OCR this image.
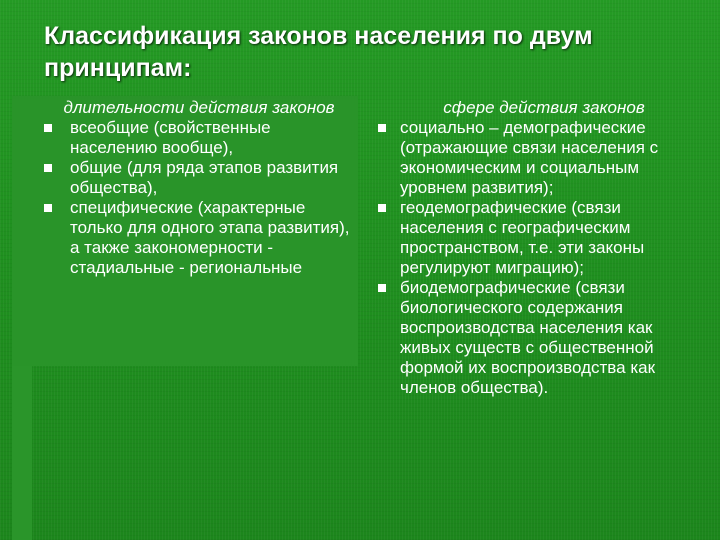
Классификация законов населения по двум принципам:
длительности действия законов
всеобщие (свойственные населению вообще),
общие (для ряда этапов развития общества),
специфические (характерные только для одного этапа развития), а также закономерности - стадиальные - региональные
сфере действия законов
социально – демографические (отражающие связи населения с экономическим и социальным уровнем развития);
геодемографические (связи населения с географическим пространством, т.е. эти законы регулируют миграцию);
биодемографические (связи биологического содержания воспроизводства населения как живых существ с общественной формой их воспроизводства как членов общества).
